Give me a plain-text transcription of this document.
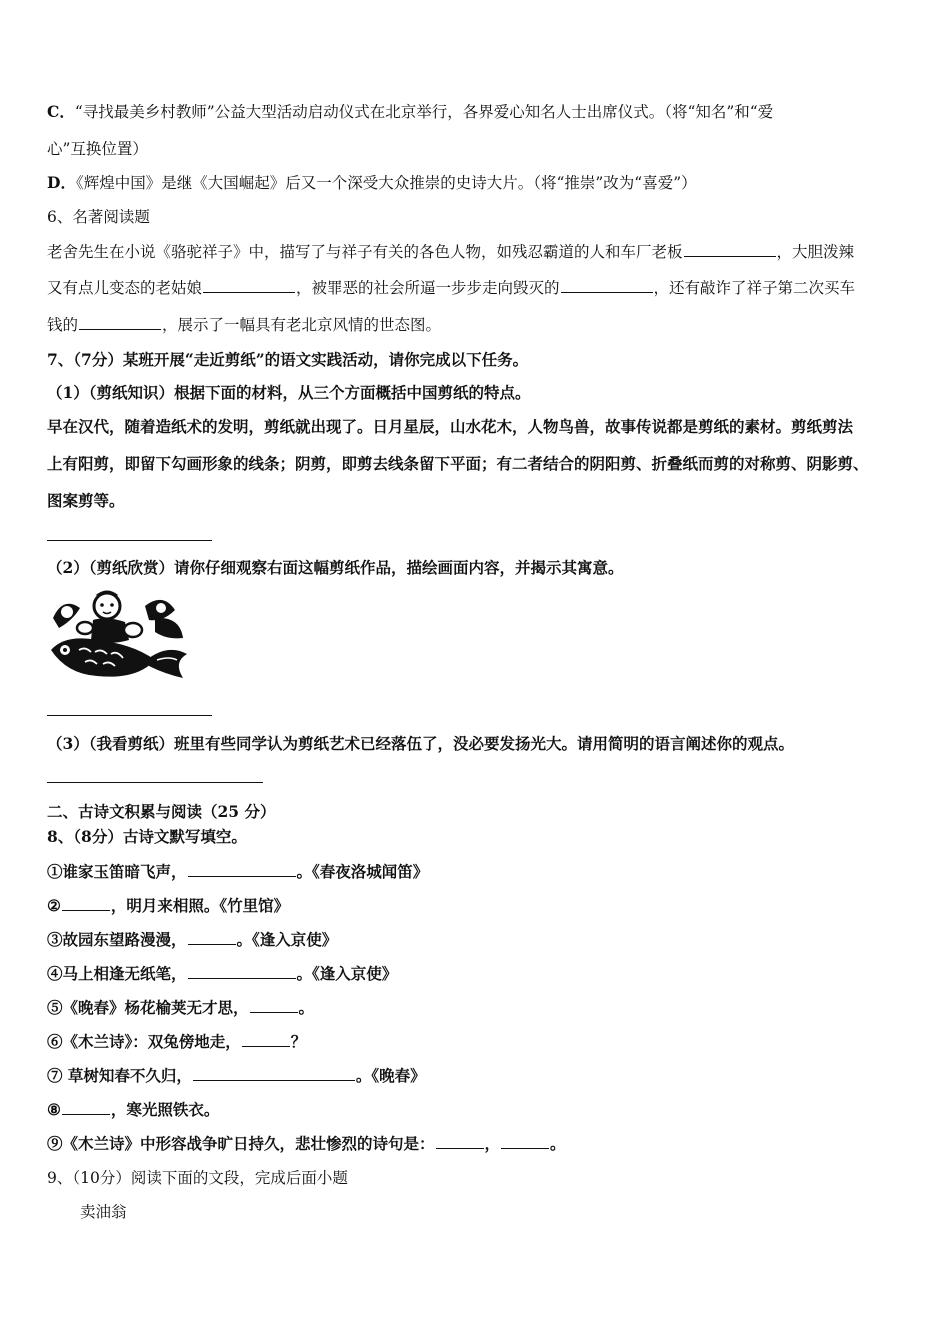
C．“寻找最美乡村教师”公益大型活动启动仪式在北京举行，各界爱心知名人士出席仪式。（将“知名”和“爱
心”互换位置）
D．《辉煌中国》是继《大国崛起》后又一个深受大众推崇的史诗大片。（将“推崇”改为“喜爱”）
6、名著阅读题
老舍先生在小说《骆驼祥子》中，描写了与祥子有关的各色人物，如残忍霸道的人和车厂老板	，大胆泼辣
又有点儿变态的老姑娘	，被罪恶的社会所逼一步步走向毁灭的	，还有敲诈了祥子第二次买车
钱的	，展示了一幅具有老北京风情的世态图。
7、（7分）某班开展“走近剪纸”的语文实践活动，请你完成以下任务。
（1）（剪纸知识）根据下面的材料，从三个方面概括中国剪纸的特点。
早在汉代，随着造纸术的发明，剪纸就出现了。日月星辰，山水花木，人物鸟兽，故事传说都是剪纸的素材。剪纸剪法
上有阳剪，即留下勾画形象的线条；阴剪，即剪去线条留下平面；有二者结合的阴阳剪、折叠纸而剪的对称剪、阴影剪、
图案剪等。
（2）（剪纸欣赏）请你仔细观察右面这幅剪纸作品，描绘画面内容，并揭示其寓意。
（3）（我看剪纸）班里有些同学认为剪纸艺术已经落伍了，没必要发扬光大。请用简明的语言阐述你的观点。
二、古诗文积累与阅读（25 分）
8、（8分）古诗文默写填空。
①谁家玉笛暗飞声，	。《春夜洛城闻笛》
②	，明月来相照。《竹里馆》
③故园东望路漫漫，	。《逢入京使》
④马上相逢无纸笔，	。《逢入京使》
⑤《晚春》杨花榆荚无才思，	。
⑥《木兰诗》：双兔傍地走，	？
⑦ 草树知春不久归，	。《晚春》
⑧	，寒光照铁衣。
⑨《木兰诗》中形容战争旷日持久，悲壮惨烈的诗句是：	，	。
9、（10分）阅读下面的文段，完成后面小题
卖油翁
